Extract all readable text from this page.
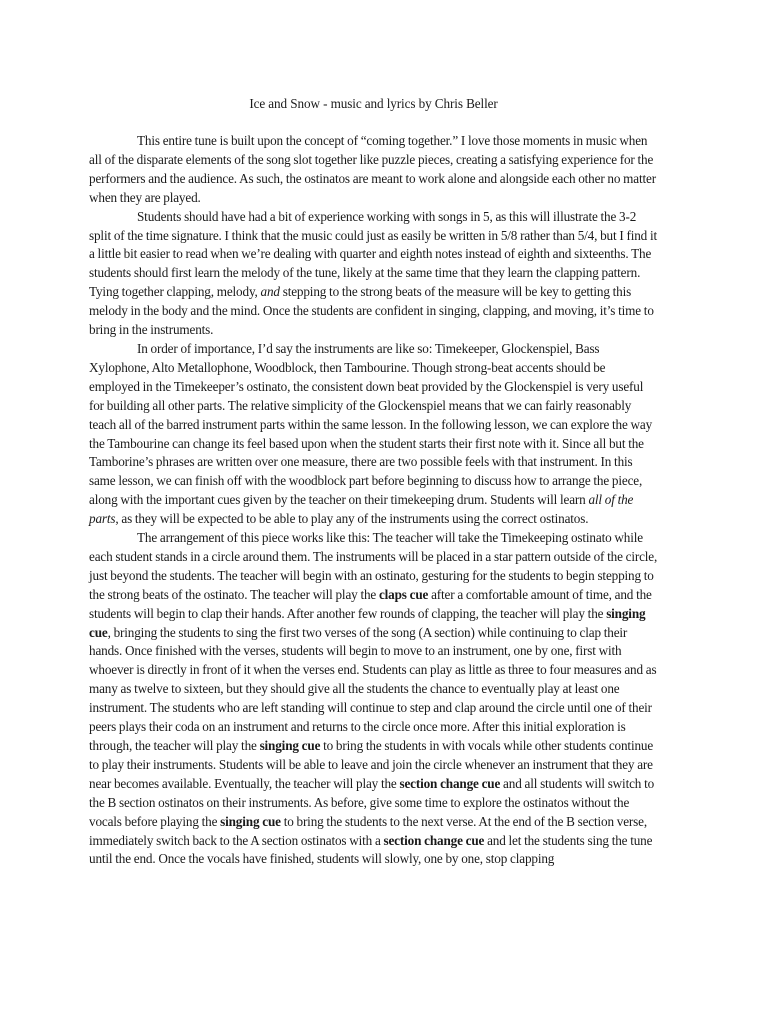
Ice and Snow - music and lyrics by Chris Beller

This entire tune is built upon the concept of “coming together.” I love those moments in music when all of the disparate elements of the song slot together like puzzle pieces, creating a satisfying experience for the performers and the audience. As such, the ostinatos are meant to work alone and alongside each other no matter when they are played.

Students should have had a bit of experience working with songs in 5, as this will illustrate the 3-2 split of the time signature. I think that the music could just as easily be written in 5/8 rather than 5/4, but I find it a little bit easier to read when we’re dealing with quarter and eighth notes instead of eighth and sixteenths. The students should first learn the melody of the tune, likely at the same time that they learn the clapping pattern. Tying together clapping, melody, and stepping to the strong beats of the measure will be key to getting this melody in the body and the mind. Once the students are confident in singing, clapping, and moving, it’s time to bring in the instruments.

In order of importance, I’d say the instruments are like so: Timekeeper, Glockenspiel, Bass Xylophone, Alto Metallophone, Woodblock, then Tambourine. Though strong-beat accents should be employed in the Timekeeper’s ostinato, the consistent down beat provided by the Glockenspiel is very useful for building all other parts. The relative simplicity of the Glockenspiel means that we can fairly reasonably teach all of the barred instrument parts within the same lesson. In the following lesson, we can explore the way the Tambourine can change its feel based upon when the student starts their first note with it. Since all but the Tamborine’s phrases are written over one measure, there are two possible feels with that instrument. In this same lesson, we can finish off with the woodblock part before beginning to discuss how to arrange the piece, along with the important cues given by the teacher on their timekeeping drum. Students will learn all of the parts, as they will be expected to be able to play any of the instruments using the correct ostinatos.

The arrangement of this piece works like this: The teacher will take the Timekeeping ostinato while each student stands in a circle around them. The instruments will be placed in a star pattern outside of the circle, just beyond the students. The teacher will begin with an ostinato, gesturing for the students to begin stepping to the strong beats of the ostinato. The teacher will play the claps cue after a comfortable amount of time, and the students will begin to clap their hands. After another few rounds of clapping, the teacher will play the singing cue, bringing the students to sing the first two verses of the song (A section) while continuing to clap their hands. Once finished with the verses, students will begin to move to an instrument, one by one, first with whoever is directly in front of it when the verses end. Students can play as little as three to four measures and as many as twelve to sixteen, but they should give all the students the chance to eventually play at least one instrument. The students who are left standing will continue to step and clap around the circle until one of their peers plays their coda on an instrument and returns to the circle once more. After this initial exploration is through, the teacher will play the singing cue to bring the students in with vocals while other students continue to play their instruments. Students will be able to leave and join the circle whenever an instrument that they are near becomes available. Eventually, the teacher will play the section change cue and all students will switch to the B section ostinatos on their instruments. As before, give some time to explore the ostinatos without the vocals before playing the singing cue to bring the students to the next verse. At the end of the B section verse, immediately switch back to the A section ostinatos with a section change cue and let the students sing the tune until the end. Once the vocals have finished, students will slowly, one by one, stop clapping
